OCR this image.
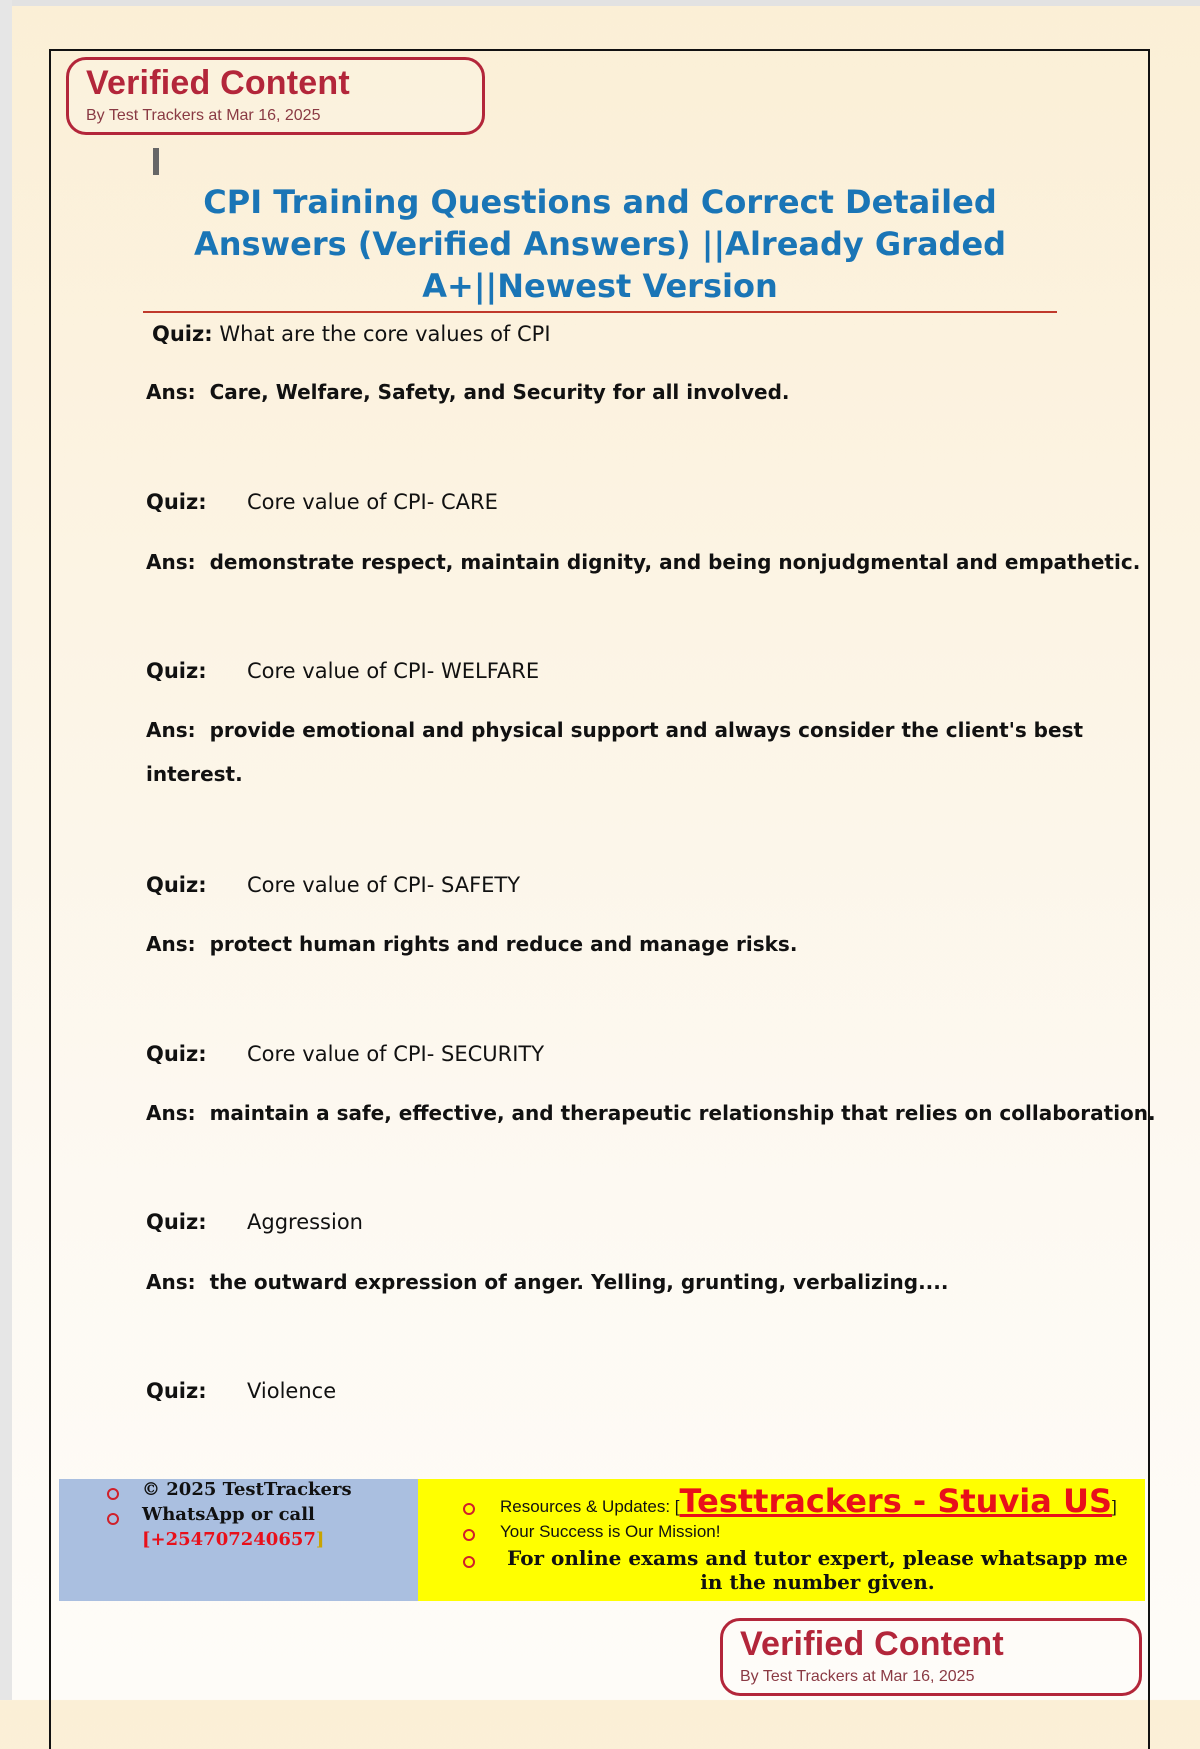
Verified Content
By Test Trackers at Mar 16, 2025
CPI Training Questions and Correct Detailed
Answers (Verified Answers) ||Already Graded
A+||Newest Version
Quiz: What are the core values of CPI
Ans: Care, Welfare, Safety, and Security for all involved.
Quiz: Core value of CPI- CARE
Ans: demonstrate respect, maintain dignity, and being nonjudgmental and empathetic.
Quiz: Core value of CPI- WELFARE
Ans: provide emotional and physical support and always consider the client's best
interest.
Quiz: Core value of CPI- SAFETY
Ans: protect human rights and reduce and manage risks.
Quiz: Core value of CPI- SECURITY
Ans: maintain a safe, effective, and therapeutic relationship that relies on collaboration.
Quiz: Aggression
Ans: the outward expression of anger. Yelling, grunting, verbalizing....
Quiz: Violence
© 2025 TestTrackers
WhatsApp or call
[+254707240657]
Resources & Updates: [Testtrackers - Stuvia US]
Your Success is Our Mission!
For online exams and tutor expert, please whatsapp me
in the number given.
Verified Content
By Test Trackers at Mar 16, 2025
